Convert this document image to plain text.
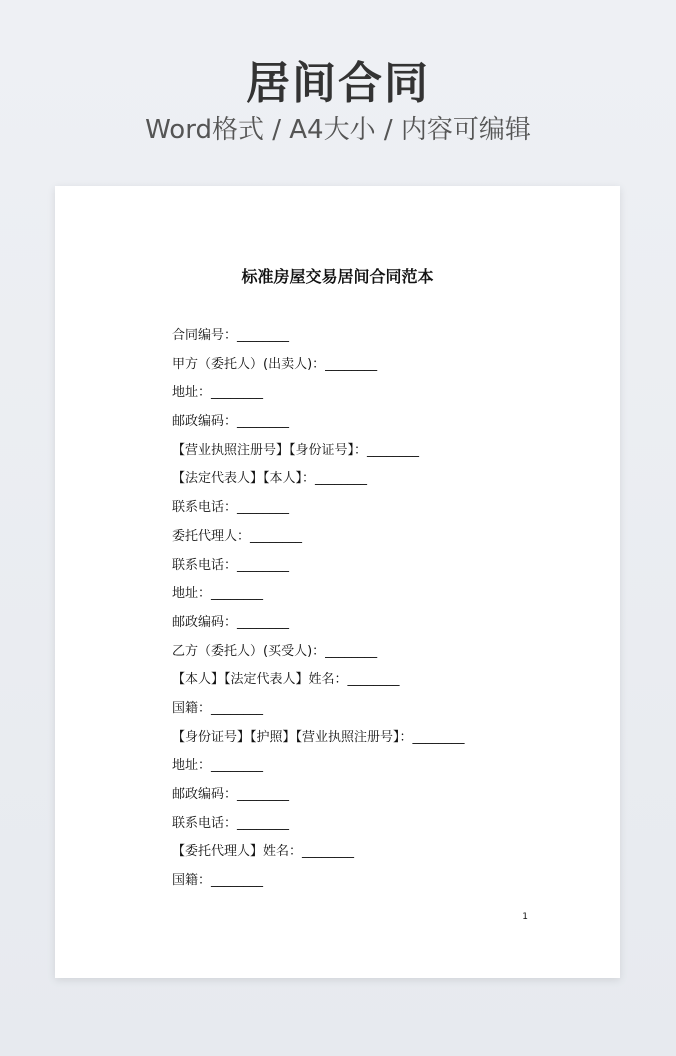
居间合同
Word格式 / A4大小 / 内容可编辑
标准房屋交易居间合同范本
合同编号：________
甲方（委托人）(出卖人)：________
地址：________
邮政编码：________
【营业执照注册号】【身份证号】：________
【法定代表人】【本人】：________
联系电话：________
委托代理人：________
联系电话：________
地址：________
邮政编码：________
乙方（委托人）(买受人)：________
【本人】【法定代表人】姓名：________
国籍：________
【身份证号】【护照】【营业执照注册号】：________
地址：________
邮政编码：________
联系电话：________
【委托代理人】姓名：________
国籍：________
1
